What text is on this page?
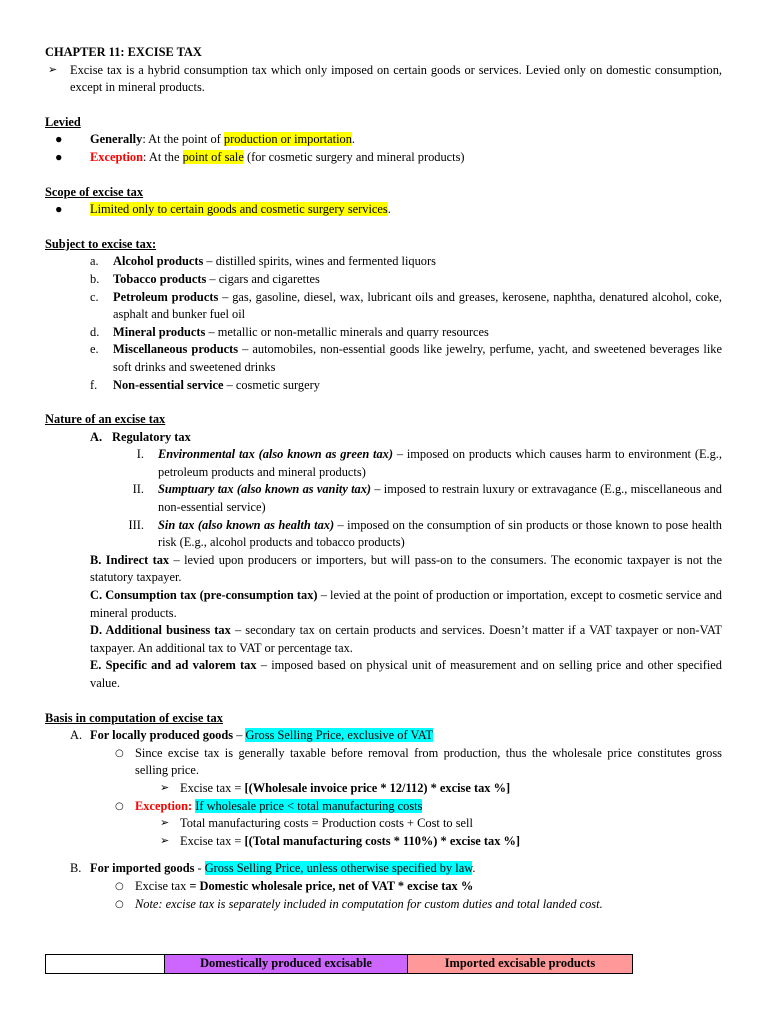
CHAPTER 11: EXCISE TAX

➢	Excise tax is a hybrid consumption tax which only imposed on certain goods or services. Levied only on domestic consumption, except in mineral products.

Levied

●	Generally: At the point of production or importation.
●	Exception: At the point of sale (for cosmetic surgery and mineral products)

Scope of excise tax

●	Limited only to certain goods and cosmetic surgery services.

Subject to excise tax:

a.	Alcohol products – distilled spirits, wines and fermented liquors
b.	Tobacco products – cigars and cigarettes
c.	Petroleum products – gas, gasoline, diesel, wax, lubricant oils and greases, kerosene, naphtha, denatured alcohol, coke, asphalt and bunker fuel oil
d.	Mineral products – metallic or non-metallic minerals and quarry resources
e.	Miscellaneous products – automobiles, non-essential goods like jewelry, perfume, yacht, and sweetened beverages like soft drinks and sweetened drinks
f.	Non-essential service – cosmetic surgery

Nature of an excise tax

A. Regulatory tax
I.	Environmental tax (also known as green tax) – imposed on products which causes harm to environment (E.g., petroleum products and mineral products)
II.	Sumptuary tax (also known as vanity tax) – imposed to restrain luxury or extravagance (E.g., miscellaneous and non-essential service)
III.	Sin tax (also known as health tax) – imposed on the consumption of sin products or those known to pose health risk (E.g., alcohol products and tobacco products)
B. Indirect tax – levied upon producers or importers, but will pass-on to the consumers. The economic taxpayer is not the statutory taxpayer.
C. Consumption tax (pre-consumption tax) – levied at the point of production or importation, except to cosmetic service and mineral products.
D. Additional business tax – secondary tax on certain products and services. Doesn’t matter if a VAT taxpayer or non-VAT taxpayer. An additional tax to VAT or percentage tax.
E. Specific and ad valorem tax – imposed based on physical unit of measurement and on selling price and other specified value.

Basis in computation of excise tax

A. For locally produced goods – Gross Selling Price, exclusive of VAT
○ Since excise tax is generally taxable before removal from production, thus the wholesale price constitutes gross selling price.
➢ Excise tax = [(Wholesale invoice price * 12/112) * excise tax %]
○ Exception: If wholesale price < total manufacturing costs
➢ Total manufacturing costs = Production costs + Cost to sell
➢ Excise tax = [(Total manufacturing costs * 110%) * excise tax %]
B. For imported goods - Gross Selling Price, unless otherwise specified by law.
○ Excise tax = Domestic wholesale price, net of VAT * excise tax %
○ Note: excise tax is separately included in computation for custom duties and total landed cost.
	Domestically produced excisable	Imported excisable products
